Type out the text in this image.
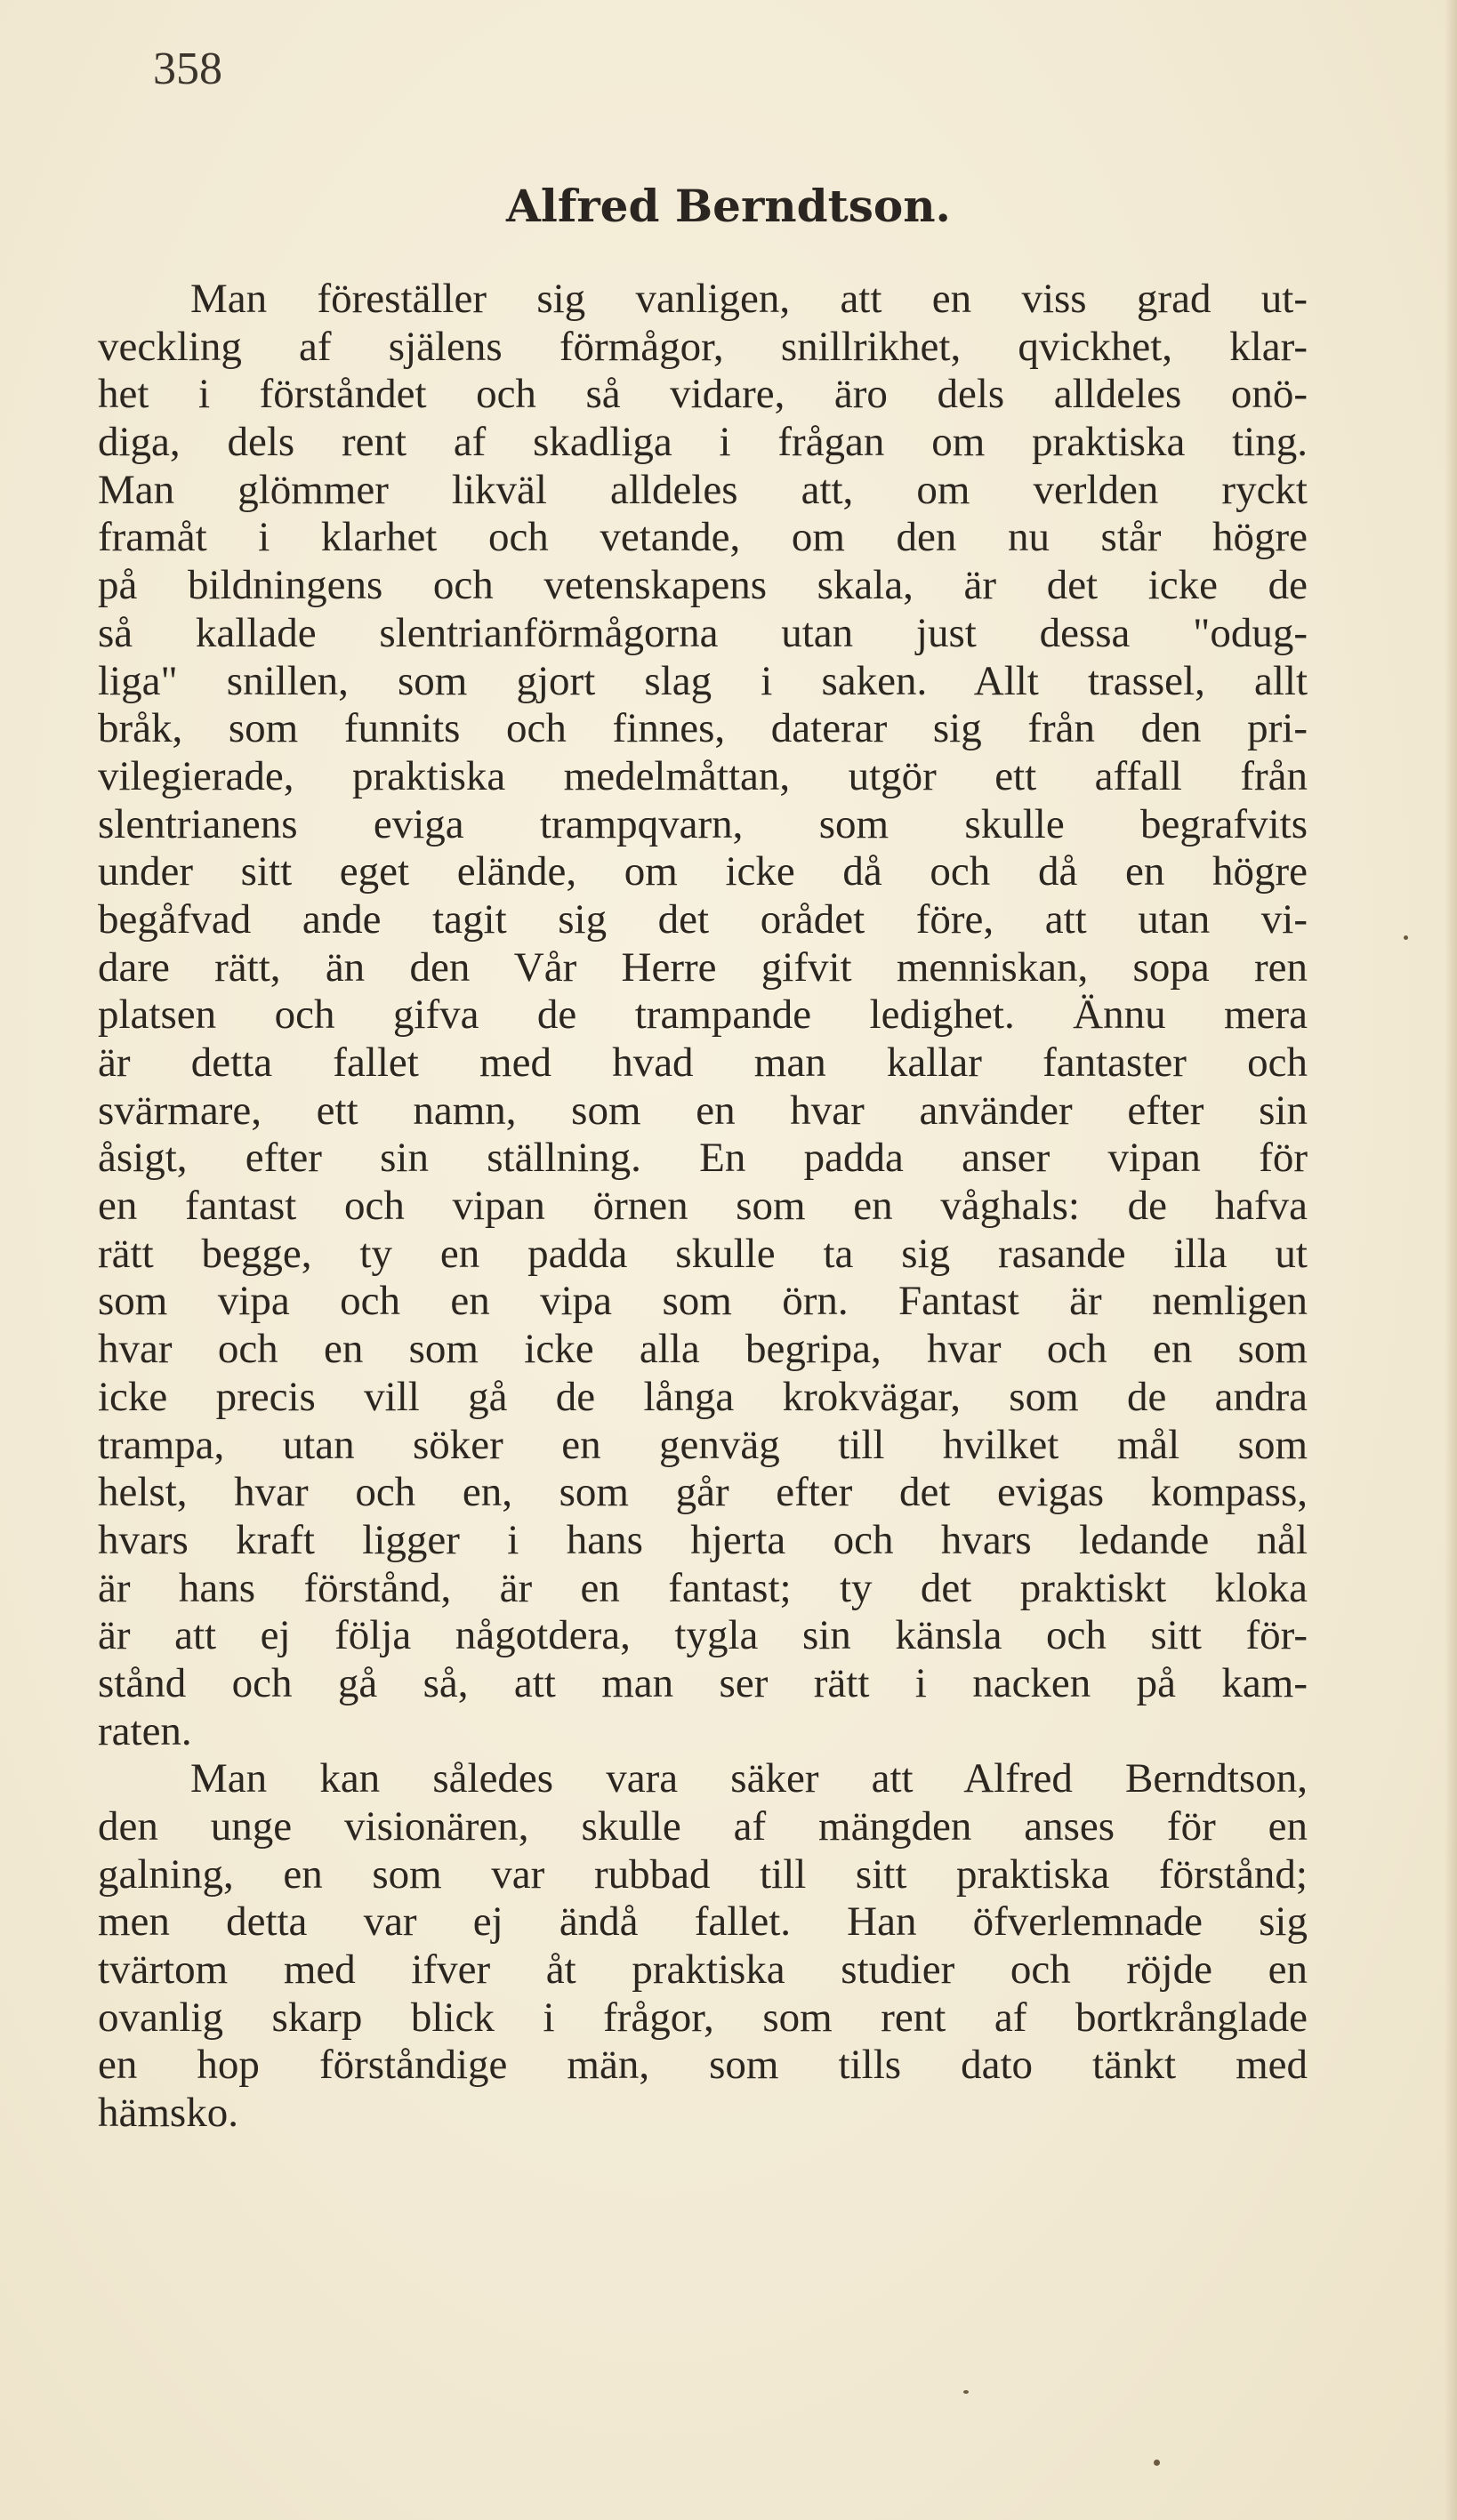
358
Alfred Berndtson.
Man föreställer sig vanligen, att en viss grad ut-
veckling af själens förmågor, snillrikhet, qvickhet, klar-
het i förståndet och så vidare, äro dels alldeles onö-
diga, dels rent af skadliga i frågan om praktiska ting.
Man glömmer likväl alldeles att, om verlden ryckt
framåt i klarhet och vetande, om den nu står högre
på bildningens och vetenskapens skala, är det icke de
så kallade slentrianförmågorna utan just dessa "odug-
liga" snillen, som gjort slag i saken. Allt trassel, allt
bråk, som funnits och finnes, daterar sig från den pri-
vilegierade, praktiska medelmåttan, utgör ett affall från
slentrianens eviga trampqvarn, som skulle begrafvits
under sitt eget elände, om icke då och då en högre
begåfvad ande tagit sig det orådet före, att utan vi-
dare rätt, än den Vår Herre gifvit menniskan, sopa ren
platsen och gifva de trampande ledighet. Ännu mera
är detta fallet med hvad man kallar fantaster och
svärmare, ett namn, som en hvar använder efter sin
åsigt, efter sin ställning. En padda anser vipan för
en fantast och vipan örnen som en våghals: de hafva
rätt begge, ty en padda skulle ta sig rasande illa ut
som vipa och en vipa som örn. Fantast är nemligen
hvar och en som icke alla begripa, hvar och en som
icke precis vill gå de långa krokvägar, som de andra
trampa, utan söker en genväg till hvilket mål som
helst, hvar och en, som går efter det evigas kompass,
hvars kraft ligger i hans hjerta och hvars ledande nål
är hans förstånd, är en fantast; ty det praktiskt kloka
är att ej följa någotdera, tygla sin känsla och sitt för-
stånd och gå så, att man ser rätt i nacken på kam-
raten.
Man kan således vara säker att Alfred Berndtson,
den unge visionären, skulle af mängden anses för en
galning, en som var rubbad till sitt praktiska förstånd;
men detta var ej ändå fallet. Han öfverlemnade sig
tvärtom med ifver åt praktiska studier och röjde en
ovanlig skarp blick i frågor, som rent af bortkrånglade
en hop förståndige män, som tills dato tänkt med
hämsko.
